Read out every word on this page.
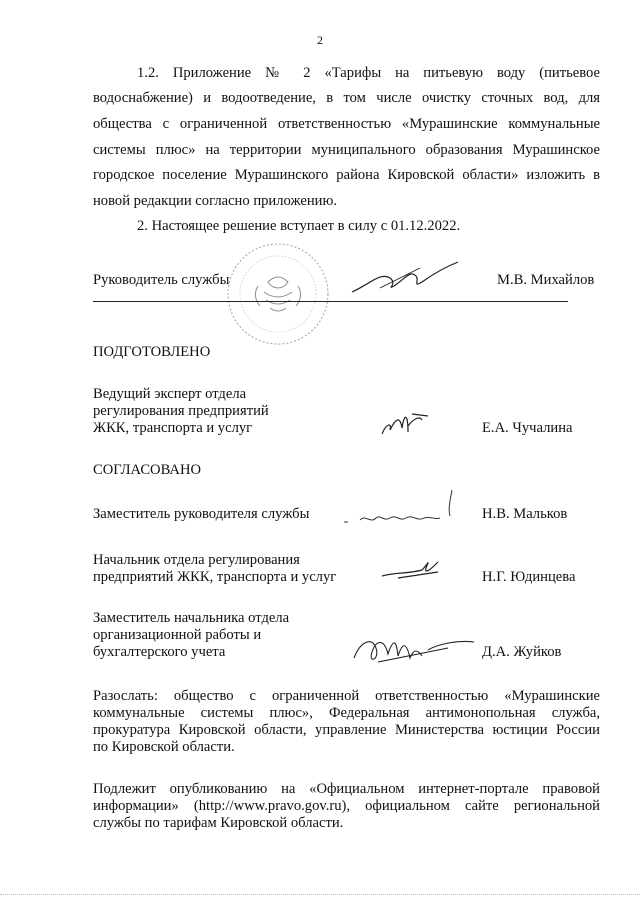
2
1.2. Приложение № 2 «Тарифы на питьевую воду (питьевое
водоснабжение) и водоотведение, в том числе очистку сточных вод, для
общества с ограниченной ответственностью «Мурашинские коммунальные
системы плюс» на территории муниципального образования Мурашинское
городское поселение Мурашинского района Кировской области» изложить в
новой редакции согласно приложению.
2. Настоящее решение вступает в силу с 01.12.2022.
Руководитель службы	М.В. Михайлов
ПОДГОТОВЛЕНО
Ведущий эксперт отдела
регулирования предприятий
ЖКК, транспорта и услуг	Е.А. Чучалина
СОГЛАСОВАНО
Заместитель руководителя службы	Н.В. Мальков
Начальник отдела регулирования
предприятий ЖКК, транспорта и услуг	Н.Г. Юдинцева
Заместитель начальника отдела
организационной работы и
бухгалтерского учета	Д.А. Жуйков
Разослать: общество с ограниченной ответственностью «Мурашинские
коммунальные системы плюс», Федеральная антимонопольная служба,
прокуратура Кировской области, управление Министерства юстиции России
по Кировской области.
Подлежит опубликованию на «Официальном интернет-портале правовой
информации» (http://www.pravo.gov.ru), официальном сайте региональной
службы по тарифам Кировской области.
